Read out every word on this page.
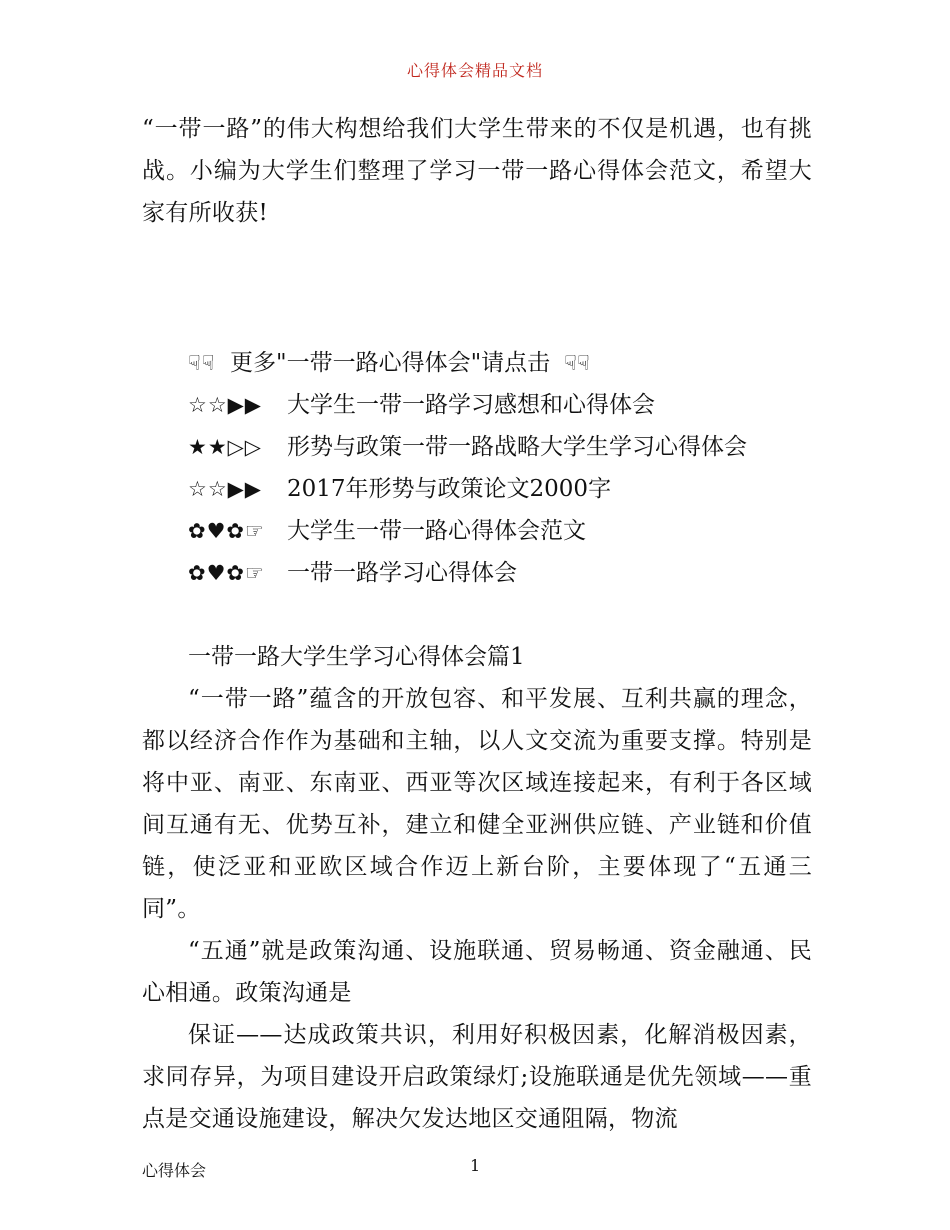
心得体会精品文档

“一带一路”的伟大构想给我们大学生带来的不仅是机遇，也有挑战。小编为大学生们整理了学习一带一路心得体会范文，希望大家有所收获!

☟☟ 更多"一带一路心得体会"请点击 ☟☟
☆☆▶▶	大学生一带一路学习感想和心得体会
★★▷▷	形势与政策一带一路战略大学生学习心得体会
☆☆▶▶	2017年形势与政策论文2000字
✿♥✿☞ 大学生一带一路心得体会范文
✿♥✿☞ 一带一路学习心得体会
一带一路大学生学习心得体会篇1

“一带一路”蕴含的开放包容、和平发展、互利共赢的理念，都以经济合作作为基础和主轴，以人文交流为重要支撑。特别是将中亚、南亚、东南亚、西亚等次区域连接起来，有利于各区域间互通有无、优势互补，建立和健全亚洲供应链、产业链和价值链，使泛亚和亚欧区域合作迈上新台阶，主要体现了“五通三同”。

“五通”就是政策沟通、设施联通、贸易畅通、资金融通、民心相通。政策沟通是

保证——达成政策共识，利用好积极因素，化解消极因素，求同存异，为项目建设开启政策绿灯;设施联通是优先领域——重点是交通设施建设，解决欠发达地区交通阻隔，物流

心得体会	1
